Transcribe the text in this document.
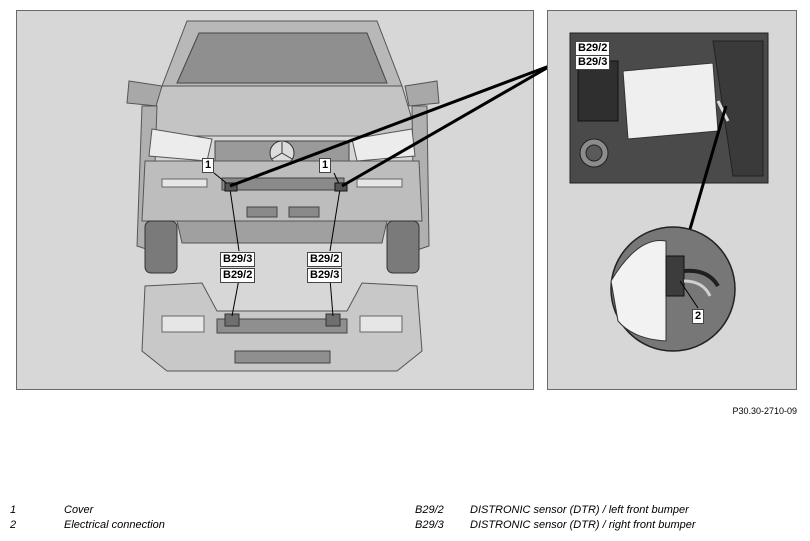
1	1
B29/3
B29/2
B29/2
B29/3
B29/2
B29/3
2
P30.30-2710-09
1	Cover
2	Electrical connection
B29/2 DISTRONIC sensor (DTR) / left front bumper
B29/3 DISTRONIC sensor (DTR) / right front bumper
